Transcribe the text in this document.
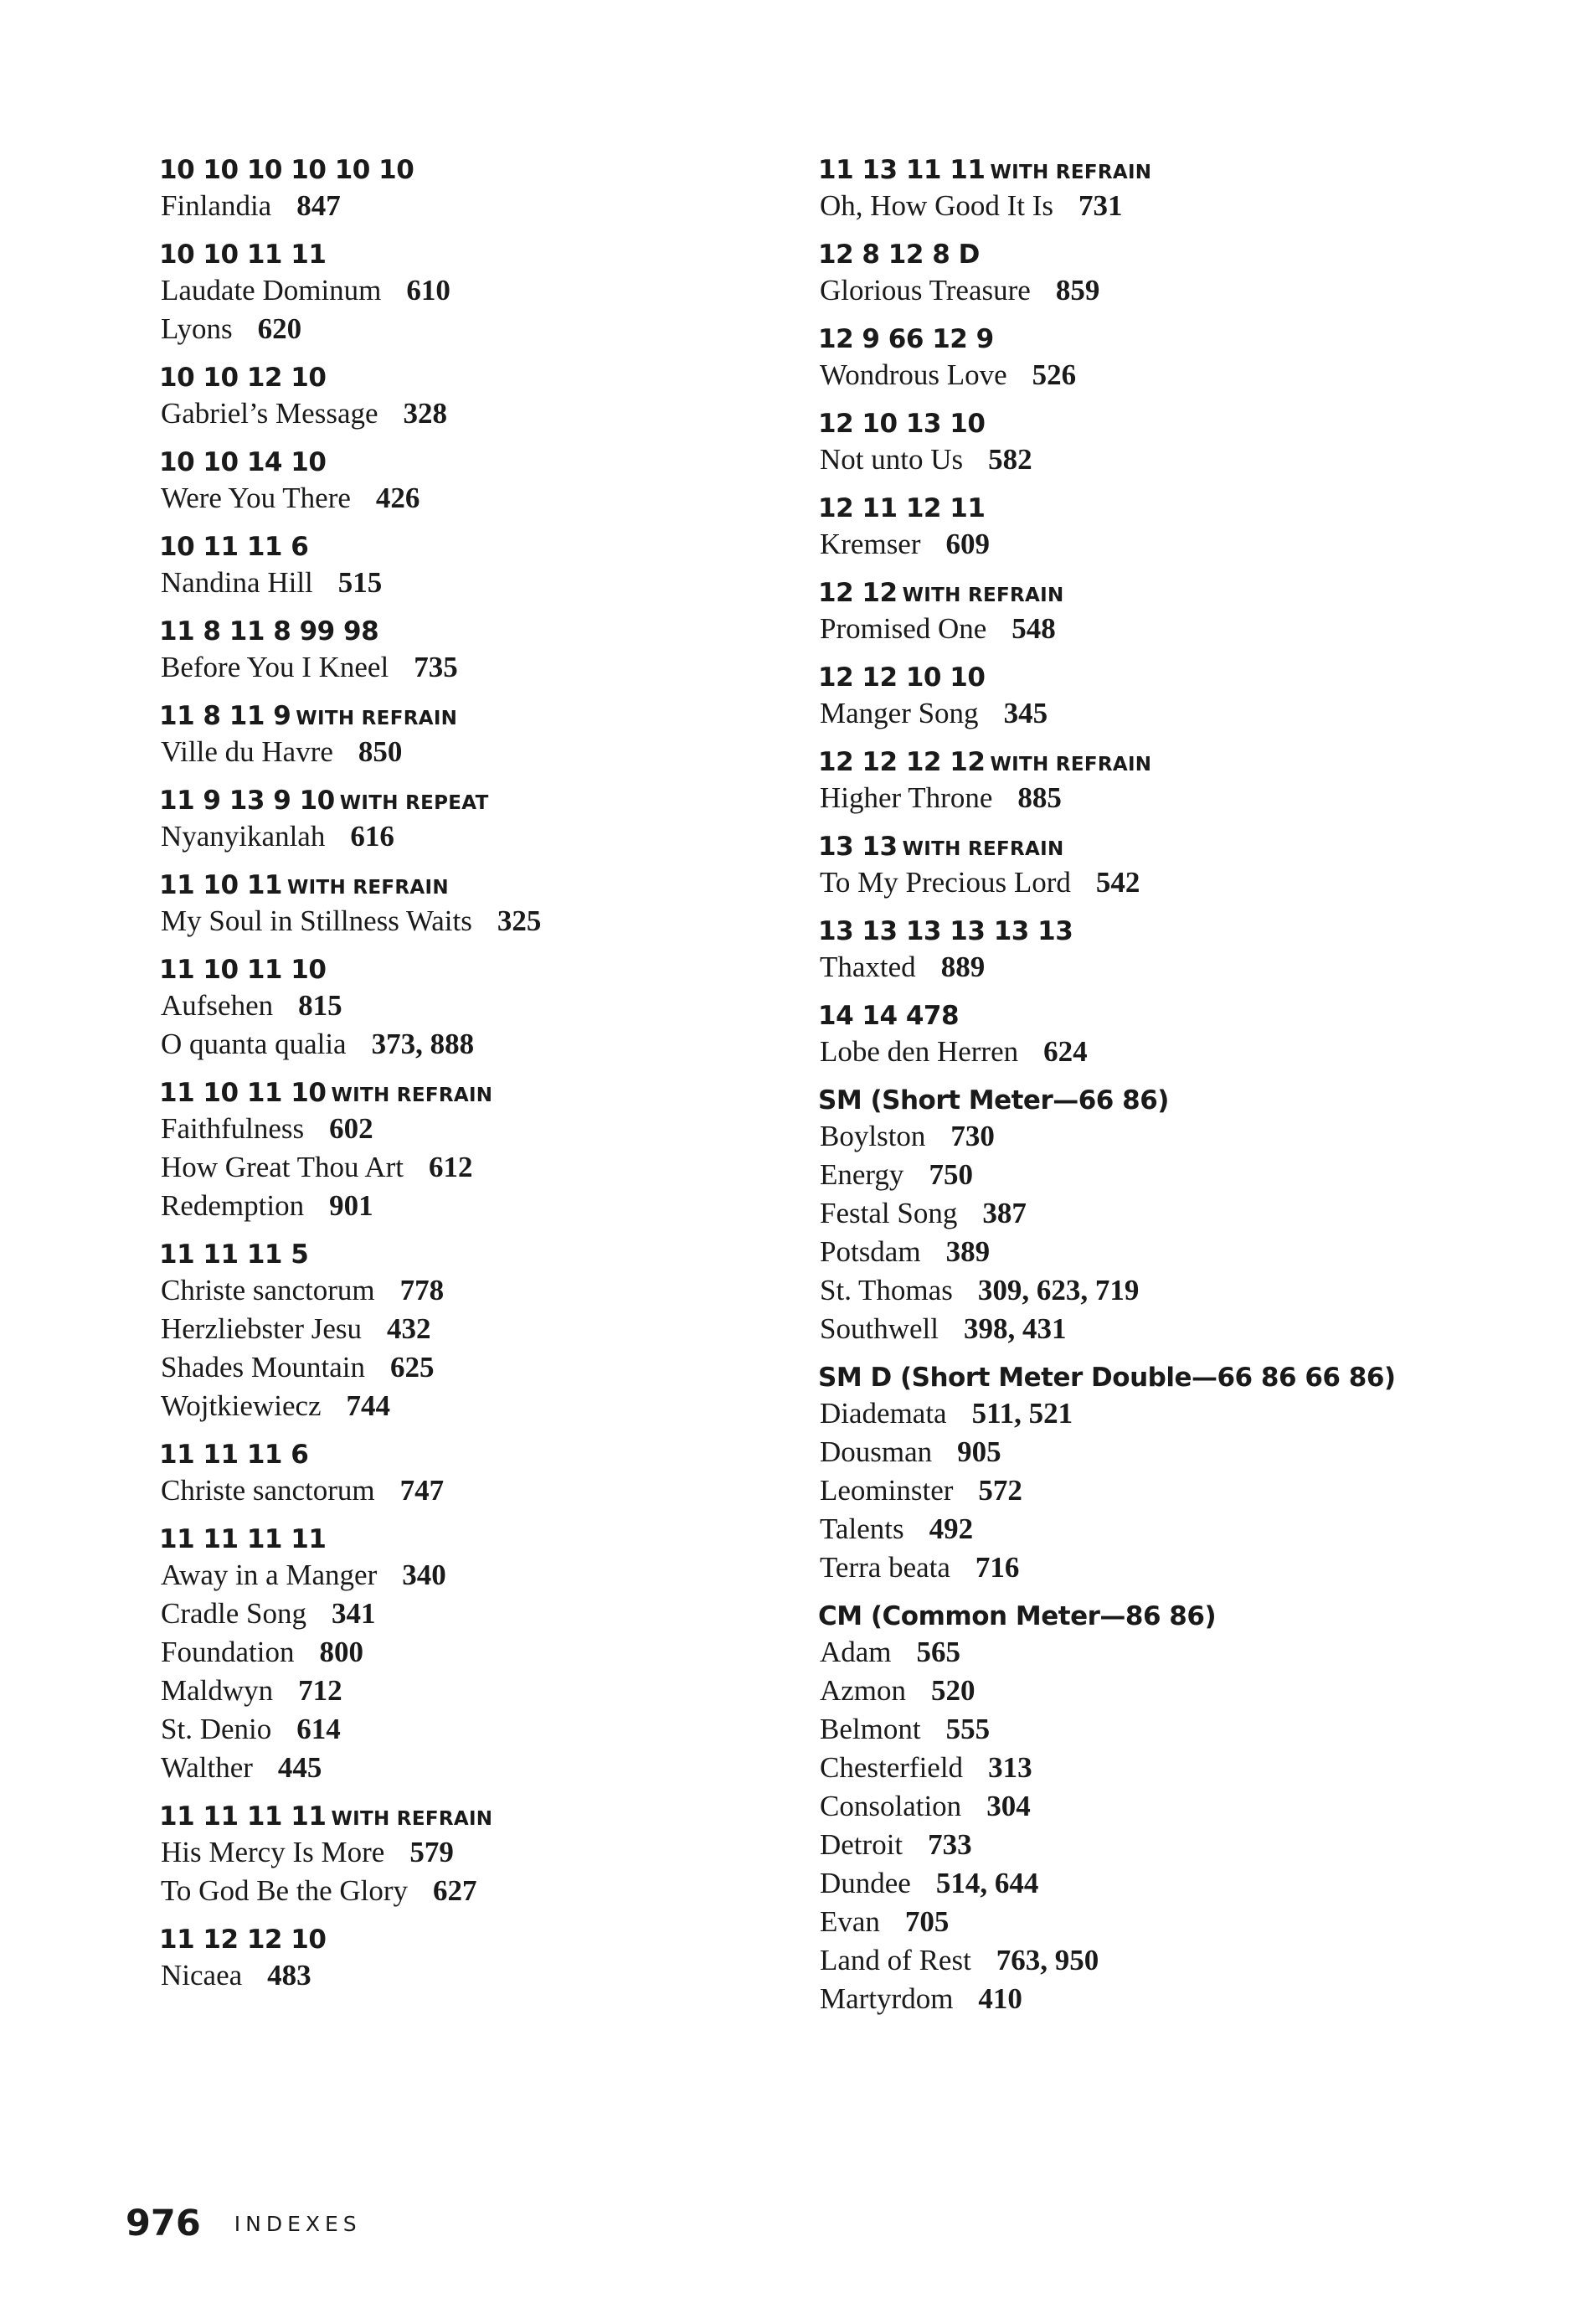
10 10 10 10 10 10
Finlandia 847
10 10 11 11
Laudate Dominum 610
Lyons 620
10 10 12 10
Gabriel’s Message 328
10 10 14 10
Were You There 426
10 11 11 6
Nandina Hill 515
11 8 11 8 99 98
Before You I Kneel 735
11 8 11 9 WITH REFRAIN
Ville du Havre 850
11 9 13 9 10 WITH REPEAT
Nyanyikanlah 616
11 10 11 WITH REFRAIN
My Soul in Stillness Waits 325
11 10 11 10
Aufsehen 815
O quanta qualia 373, 888
11 10 11 10 WITH REFRAIN
Faithfulness 602
How Great Thou Art 612
Redemption 901
11 11 11 5
Christe sanctorum 778
Herzliebster Jesu 432
Shades Mountain 625
Wojtkiewiecz 744
11 11 11 6
Christe sanctorum 747
11 11 11 11
Away in a Manger 340
Cradle Song 341
Foundation 800
Maldwyn 712
St. Denio 614
Walther 445
11 11 11 11 WITH REFRAIN
His Mercy Is More 579
To God Be the Glory 627
11 12 12 10
Nicaea 483
11 13 11 11 WITH REFRAIN
Oh, How Good It Is 731
12 8 12 8 D
Glorious Treasure 859
12 9 66 12 9
Wondrous Love 526
12 10 13 10
Not unto Us 582
12 11 12 11
Kremser 609
12 12 WITH REFRAIN
Promised One 548
12 12 10 10
Manger Song 345
12 12 12 12 WITH REFRAIN
Higher Throne 885
13 13 WITH REFRAIN
To My Precious Lord 542
13 13 13 13 13 13
Thaxted 889
14 14 478
Lobe den Herren 624
SM (Short Meter—66 86)
Boylston 730
Energy 750
Festal Song 387
Potsdam 389
St. Thomas 309, 623, 719
Southwell 398, 431
SM D (Short Meter Double—66 86 66 86)
Diademata 511, 521
Dousman 905
Leominster 572
Talents 492
Terra beata 716
CM (Common Meter—86 86)
Adam 565
Azmon 520
Belmont 555
Chesterfield 313
Consolation 304
Detroit 733
Dundee 514, 644
Evan 705
Land of Rest 763, 950
Martyrdom 410
976 INDEXES
